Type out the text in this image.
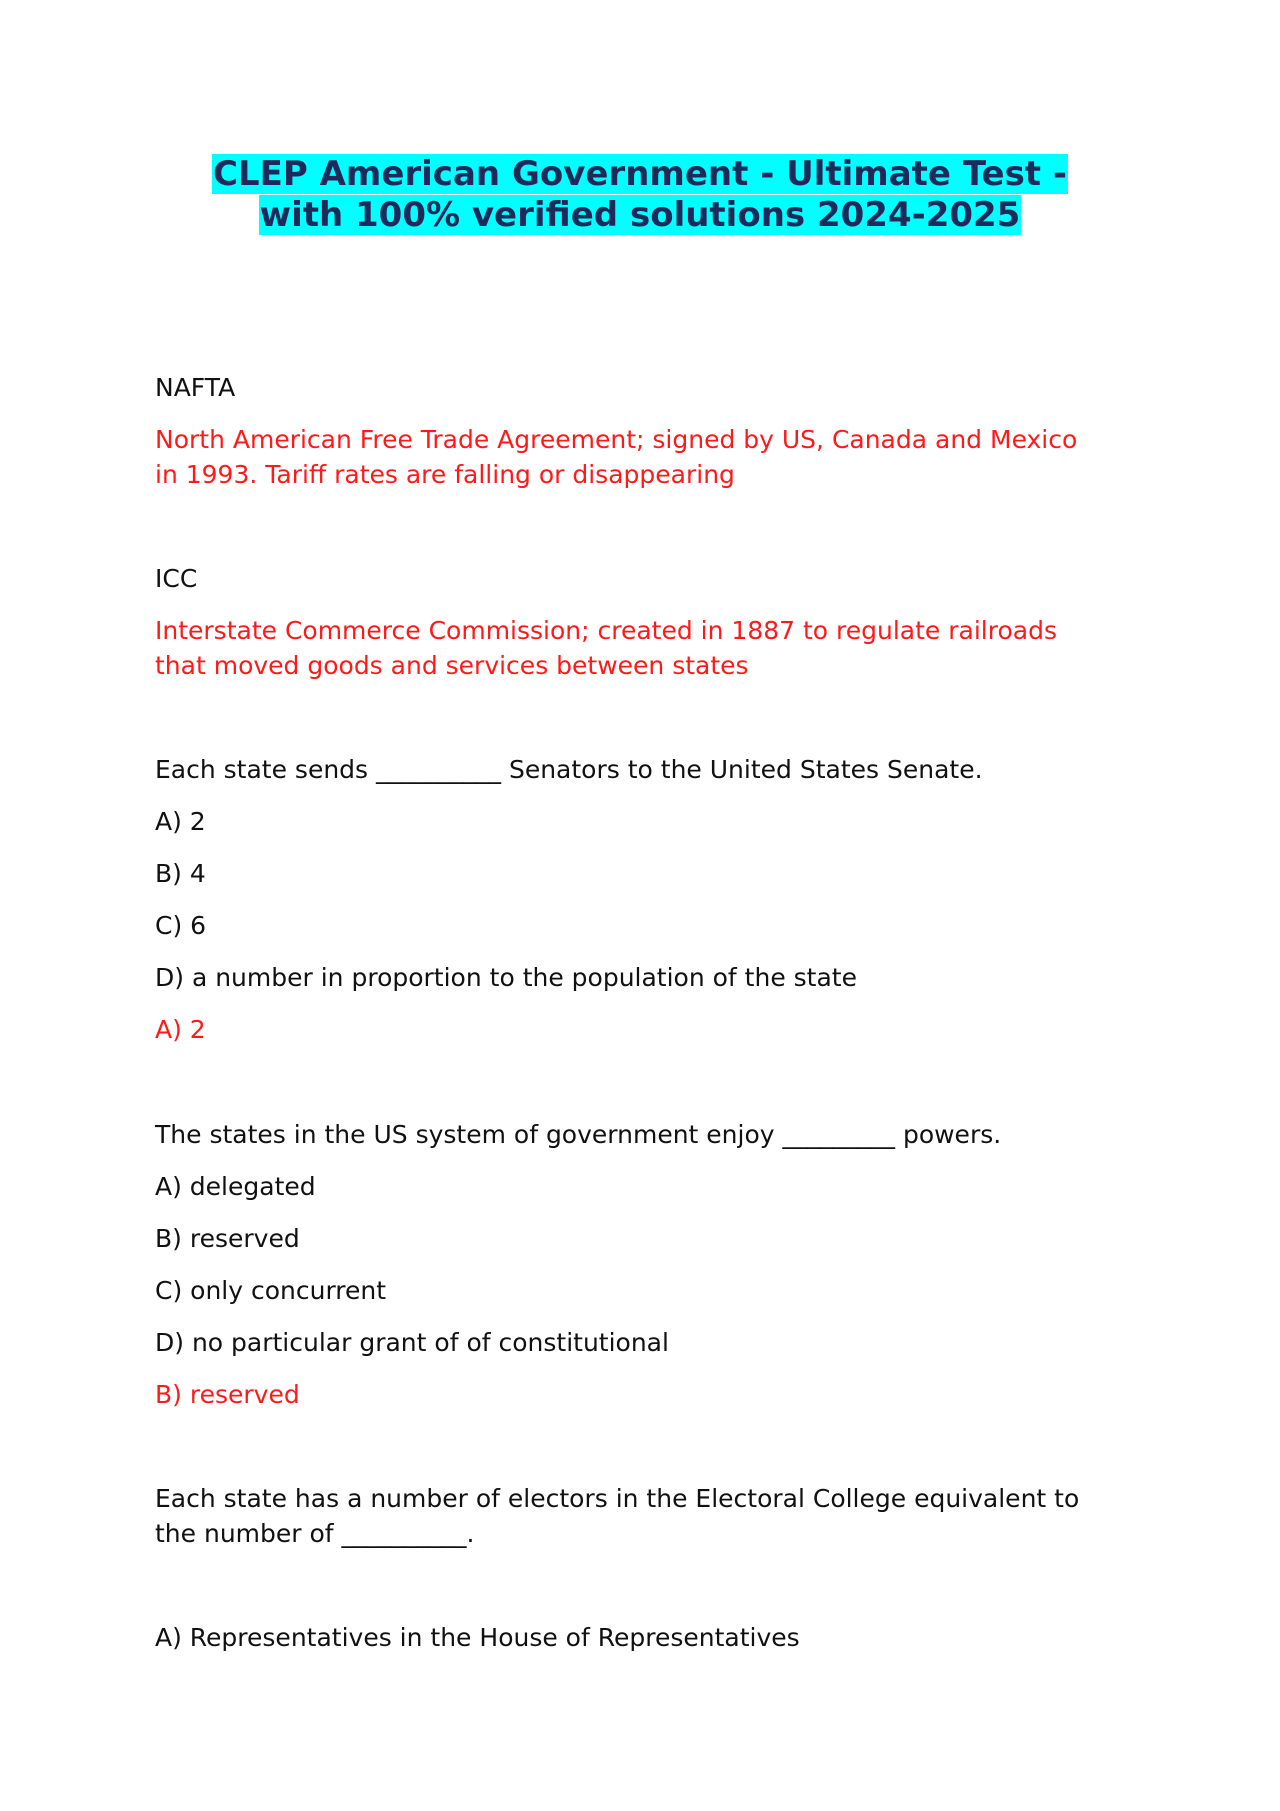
CLEP American Government - Ultimate Test -
with 100% verified solutions 2024-2025
NAFTA
North American Free Trade Agreement; signed by US, Canada and Mexico
in 1993. Tariff rates are falling or disappearing
ICC
Interstate Commerce Commission; created in 1887 to regulate railroads
that moved goods and services between states
Each state sends __________ Senators to the United States Senate.
A) 2
B) 4
C) 6
D) a number in proportion to the population of the state
A) 2
The states in the US system of government enjoy _________ powers.
A) delegated
B) reserved
C) only concurrent
D) no particular grant of of constitutional
B) reserved
Each state has a number of electors in the Electoral College equivalent to
the number of __________.
A) Representatives in the House of Representatives
